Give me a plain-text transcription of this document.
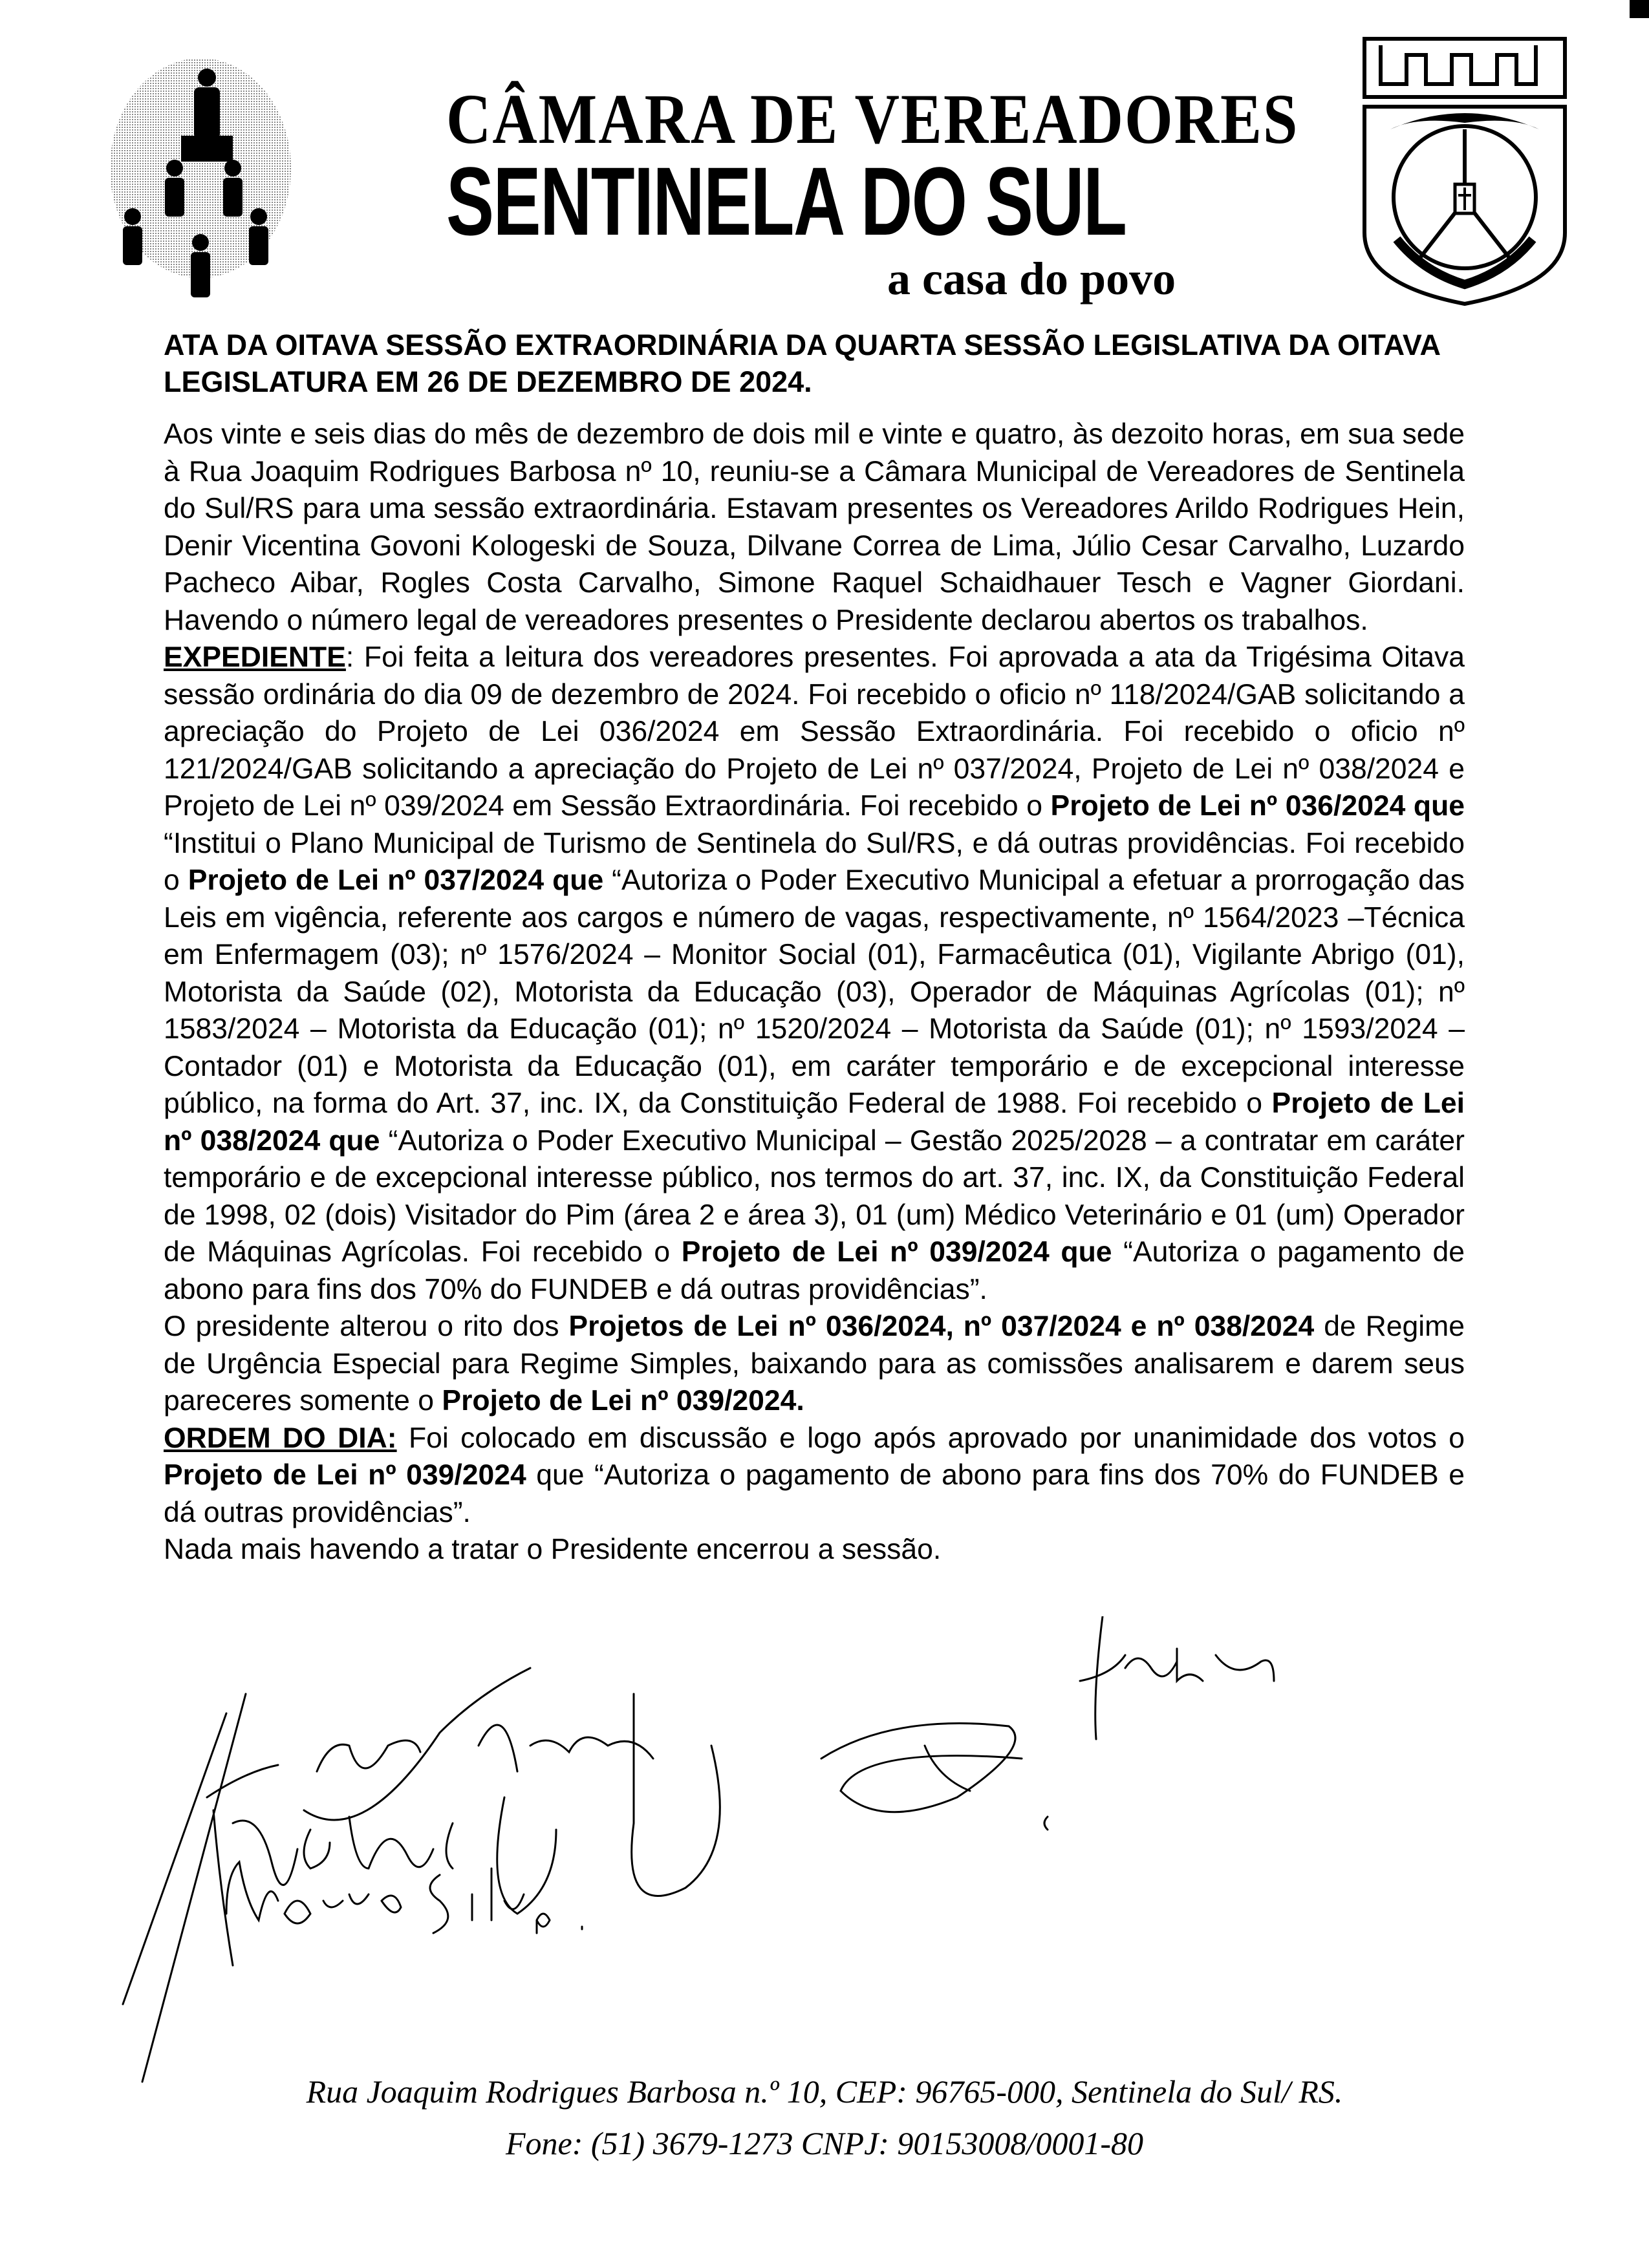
CÂMARA DE VEREADORES
SENTINELA DO SUL
a casa do povo
ATA DA OITAVA SESSÃO EXTRAORDINÁRIA DA QUARTA SESSÃO LEGISLATIVA DA OITAVA LEGISLATURA EM 26 DE DEZEMBRO DE 2024.

Aos vinte e seis dias do mês de dezembro de dois mil e vinte e quatro, às dezoito horas, em sua sede à Rua Joaquim Rodrigues Barbosa nº 10, reuniu-se a Câmara Municipal de Vereadores de Sentinela do Sul/RS para uma sessão extraordinária. Estavam presentes os Vereadores Arildo Rodrigues Hein, Denir Vicentina Govoni Kologeski de Souza, Dilvane Correa de Lima, Júlio Cesar Carvalho, Luzardo Pacheco Aibar, Rogles Costa Carvalho, Simone Raquel Schaidhauer Tesch e Vagner Giordani. Havendo o número legal de vereadores presentes o Presidente declarou abertos os trabalhos.

EXPEDIENTE: Foi feita a leitura dos vereadores presentes. Foi aprovada a ata da Trigésima Oitava sessão ordinária do dia 09 de dezembro de 2024. Foi recebido o oficio nº 118/2024/GAB solicitando a apreciação do Projeto de Lei 036/2024 em Sessão Extraordinária. Foi recebido o oficio nº 121/2024/GAB solicitando a apreciação do Projeto de Lei nº 037/2024, Projeto de Lei nº 038/2024 e Projeto de Lei nº 039/2024 em Sessão Extraordinária. Foi recebido o Projeto de Lei nº 036/2024 que “Institui o Plano Municipal de Turismo de Sentinela do Sul/RS, e dá outras providências. Foi recebido o Projeto de Lei nº 037/2024 que “Autoriza o Poder Executivo Municipal a efetuar a prorrogação das Leis em vigência, referente aos cargos e número de vagas, respectivamente, nº 1564/2023 –Técnica em Enfermagem (03); nº 1576/2024 – Monitor Social (01), Farmacêutica (01), Vigilante Abrigo (01), Motorista da Saúde (02), Motorista da Educação (03), Operador de Máquinas Agrícolas (01); nº 1583/2024 – Motorista da Educação (01); nº 1520/2024 – Motorista da Saúde (01); nº 1593/2024 – Contador (01) e Motorista da Educação (01), em caráter temporário e de excepcional interesse público, na forma do Art. 37, inc. IX, da Constituição Federal de 1988. Foi recebido o Projeto de Lei nº 038/2024 que “Autoriza o Poder Executivo Municipal – Gestão 2025/2028 – a contratar em caráter temporário e de excepcional interesse público, nos termos do art. 37, inc. IX, da Constituição Federal de 1998, 02 (dois) Visitador do Pim (área 2 e área 3), 01 (um) Médico Veterinário e 01 (um) Operador de Máquinas Agrícolas. Foi recebido o Projeto de Lei nº 039/2024 que “Autoriza o pagamento de abono para fins dos 70% do FUNDEB e dá outras providências”.

O presidente alterou o rito dos Projetos de Lei nº 036/2024, nº 037/2024 e nº 038/2024 de Regime de Urgência Especial para Regime Simples, baixando para as comissões analisarem e darem seus pareceres somente o Projeto de Lei nº 039/2024.

ORDEM DO DIA: Foi colocado em discussão e logo após aprovado por unanimidade dos votos o Projeto de Lei nº 039/2024 que “Autoriza o pagamento de abono para fins dos 70% do FUNDEB e dá outras providências”.

Nada mais havendo a tratar o Presidente encerrou a sessão.

Rua Joaquim Rodrigues Barbosa n.º 10, CEP: 96765-000, Sentinela do Sul/ RS.
Fone: (51) 3679-1273 CNPJ: 90153008/0001-80
